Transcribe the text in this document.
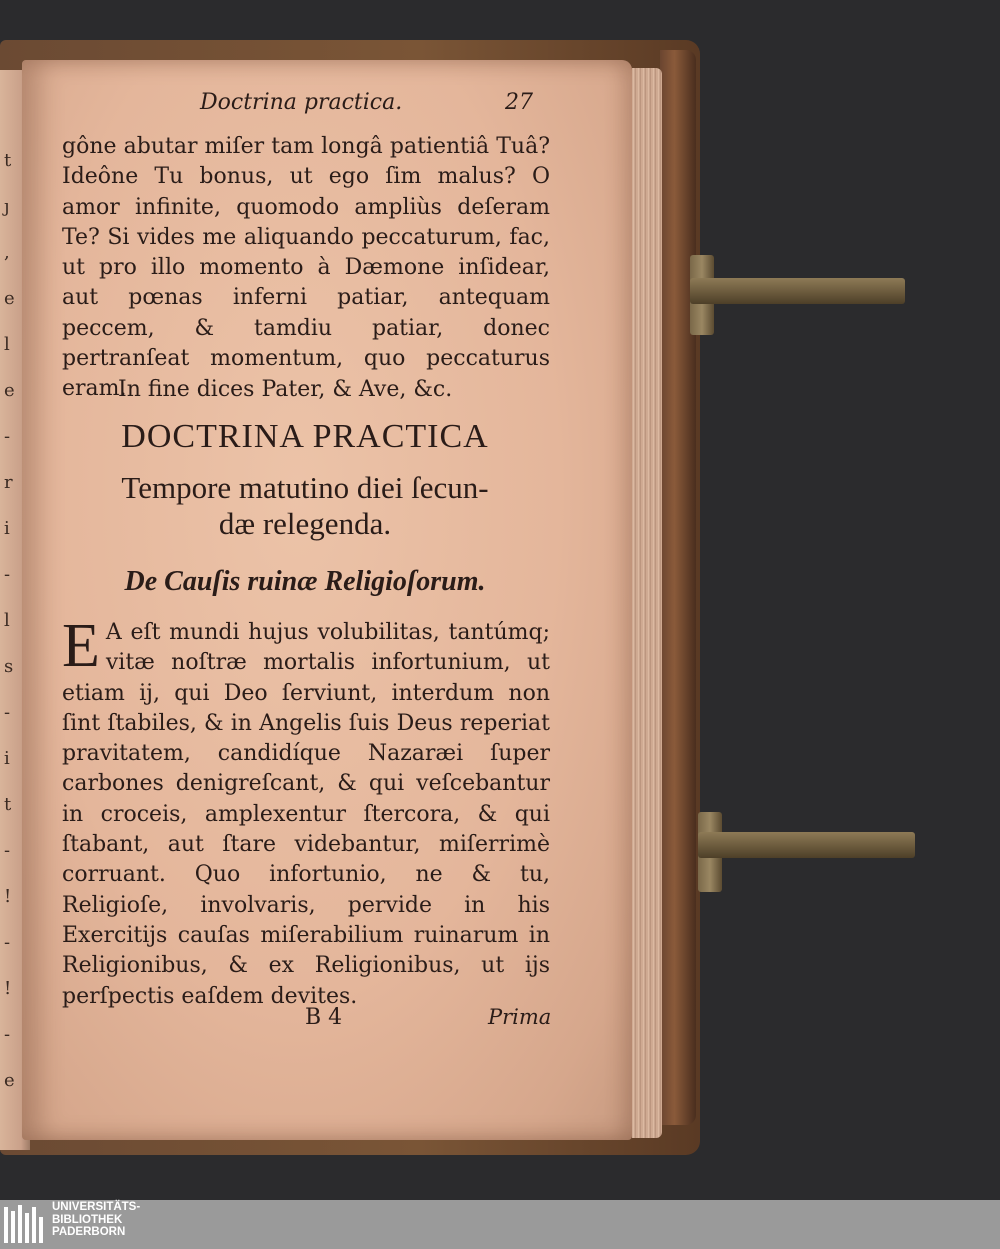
t
ȷ
,
e
l
e
-
r
i
-
l
s
-
i
t
-
!
-
!
-
e
Doctrina practica.	27
gône abutar miſer tam longâ patientiâ Tuâ? Ideône Tu bonus, ut ego ſim malus? O amor infinite, quomodo ampliùs deſeram Te? Si vides me aliquando peccaturum, fac, ut pro illo momento à Dæmone inſidear, aut pœnas inferni patiar, antequam peccem, & tamdiu patiar, donec pertranſeat momentum, quo peccaturus eram.
In fine dices Pater, & Ave, &c.
DOCTRINA PRACTICA
Tempore matutino diei ſecun-
dæ relegenda.
De Cauſis ruinæ Religioſorum.
E A eſt mundi hujus volubilitas, tantúmq; vitæ noſtræ mortalis infortunium, ut etiam ij, qui Deo ſerviunt, interdum non ſint ſtabiles, & in Angelis ſuis Deus reperiat pravitatem, candidíque Nazaræi ſuper carbones denigreſcant, & qui veſcebantur in croceis, amplexentur ſtercora, & qui ſtabant, aut ſtare videbantur, miſerrimè corruant. Quo infortunio, ne & tu, Religioſe, involvaris, pervide in his Exercitijs cauſas miſerabilium ruinarum in Religionibus, & ex Religionibus, ut ijs perſpectis eaſdem devites.
B 4	Prima
UNIVERSITÄTS-
BIBLIOTHEK
PADERBORN
